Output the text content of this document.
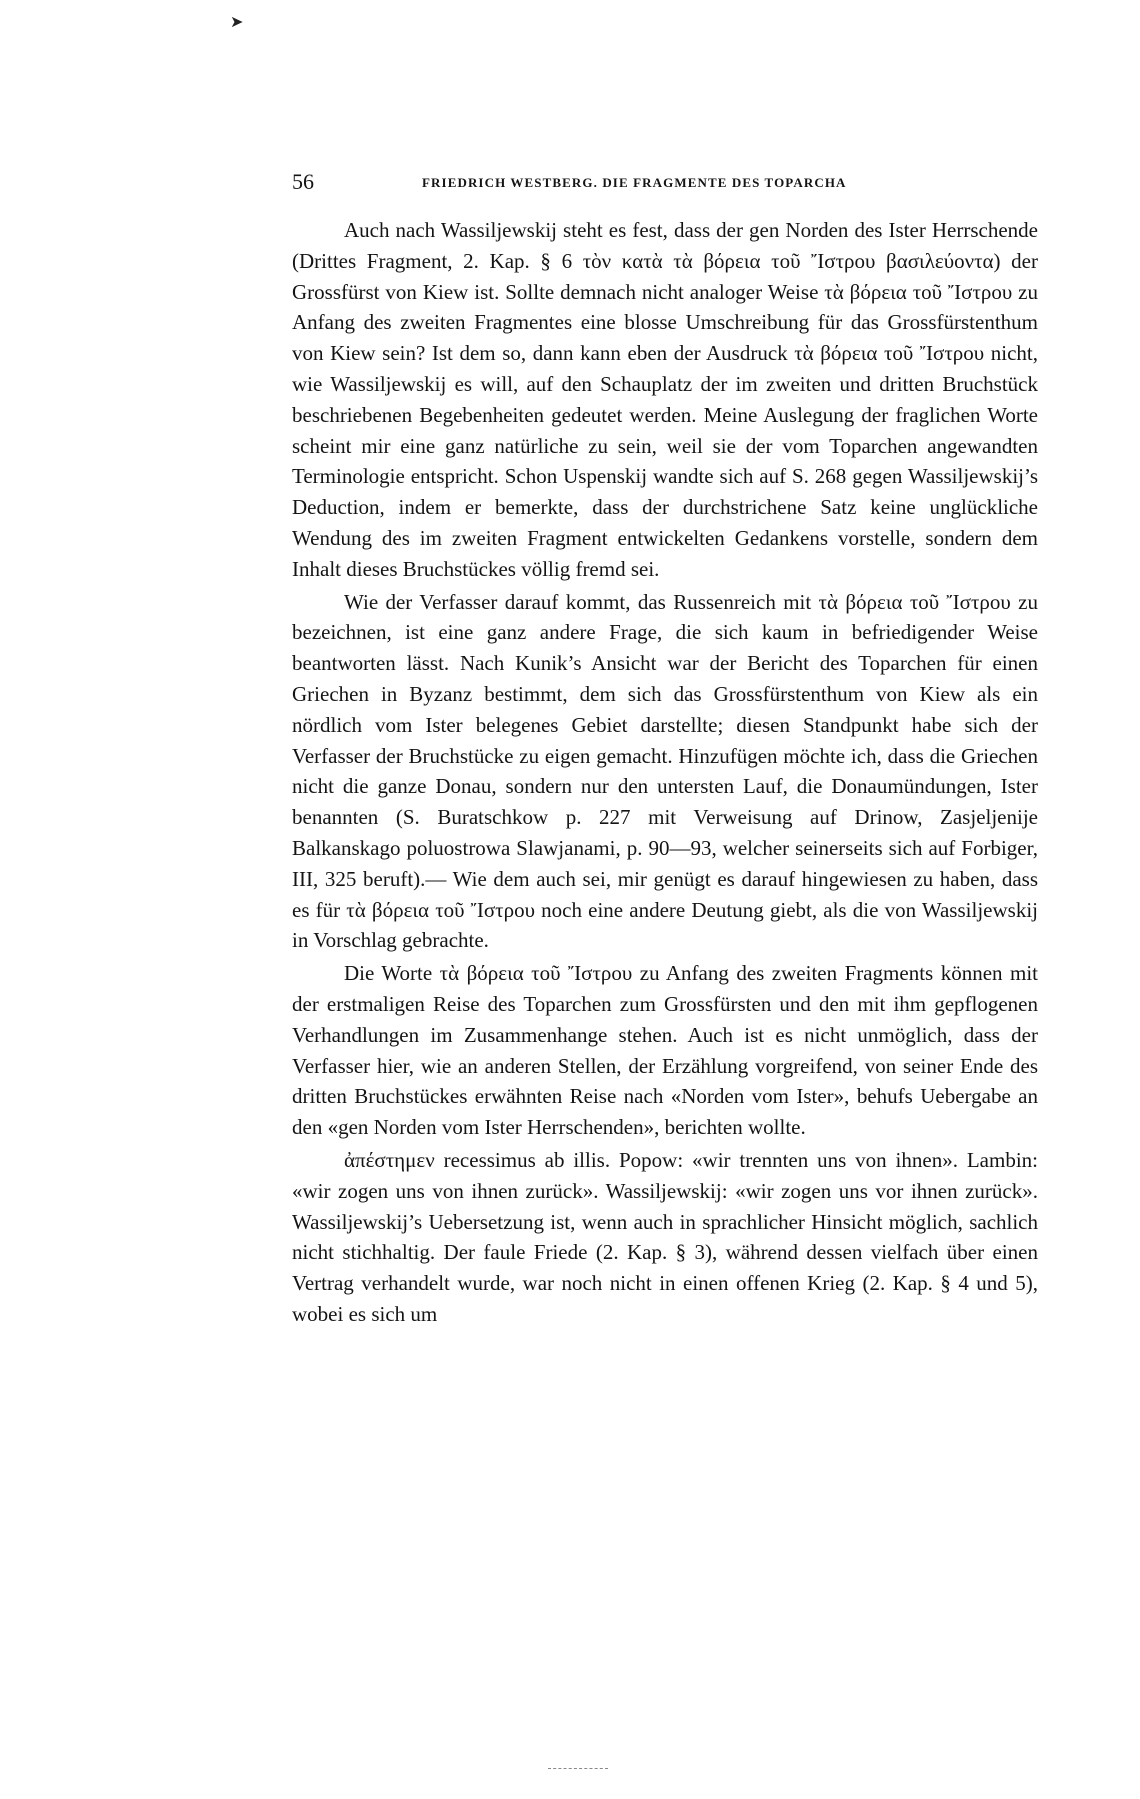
➤
56	FRIEDRICH WESTBERG. DIE FRAGMENTE DES TOPARCHA

Auch nach Wassiljewskij steht es fest, dass der gen Norden des Ister Herrschende (Drittes Fragment, 2. Kap. § 6 τὸν κατὰ τὰ βόρεια τοῦ Ἴστρου βασιλεύοντα) der Grossfürst von Kiew ist. Sollte demnach nicht analoger Weise τὰ βόρεια τοῦ Ἴστρου zu Anfang des zweiten Fragmentes eine blosse Umschreibung für das Grossfürstenthum von Kiew sein? Ist dem so, dann kann eben der Ausdruck τὰ βόρεια τοῦ Ἴστρου nicht, wie Wassiljewskij es will, auf den Schauplatz der im zweiten und dritten Bruchstück beschriebenen Begebenheiten gedeutet werden. Meine Auslegung der fraglichen Worte scheint mir eine ganz natürliche zu sein, weil sie der vom Toparchen angewandten Terminologie entspricht. Schon Uspenskij wandte sich auf S. 268 gegen Wassiljewskij’s Deduction, indem er bemerkte, dass der durchstrichene Satz keine unglückliche Wendung des im zweiten Fragment entwickelten Gedankens vorstelle, sondern dem Inhalt dieses Bruchstückes völlig fremd sei.

Wie der Verfasser darauf kommt, das Russenreich mit τὰ βόρεια τοῦ Ἴστρου zu bezeichnen, ist eine ganz andere Frage, die sich kaum in befriedigender Weise beantworten lässt. Nach Kunik’s Ansicht war der Bericht des Toparchen für einen Griechen in Byzanz bestimmt, dem sich das Grossfürstenthum von Kiew als ein nördlich vom Ister belegenes Gebiet darstellte; diesen Standpunkt habe sich der Verfasser der Bruchstücke zu eigen gemacht. Hinzufügen möchte ich, dass die Griechen nicht die ganze Donau, sondern nur den untersten Lauf, die Donaumündungen, Ister benannten (S. Buratschkow p. 227 mit Verweisung auf Drinow, Zasjeljenije Balkanskago poluostrowa Slawjanami, p. 90—93, welcher seinerseits sich auf Forbiger, III, 325 beruft).— Wie dem auch sei, mir genügt es darauf hingewiesen zu haben, dass es für τὰ βόρεια τοῦ Ἴστρου noch eine andere Deutung giebt, als die von Wassiljewskij in Vorschlag gebrachte.

Die Worte τὰ βόρεια τοῦ Ἴστρου zu Anfang des zweiten Fragments können mit der erstmaligen Reise des Toparchen zum Grossfürsten und den mit ihm gepflogenen Verhandlungen im Zusammenhange stehen. Auch ist es nicht unmöglich, dass der Verfasser hier, wie an anderen Stellen, der Erzählung vorgreifend, von seiner Ende des dritten Bruchstückes erwähnten Reise nach «Norden vom Ister», behufs Uebergabe an den «gen Norden vom Ister Herrschenden», berichten wollte.

ἀπέστημεν recessimus ab illis. Popow: «wir trennten uns von ihnen». Lambin: «wir zogen uns von ihnen zurück». Wassiljewskij: «wir zogen uns vor ihnen zurück». Wassiljewskij’s Uebersetzung ist, wenn auch in sprachlicher Hinsicht möglich, sachlich nicht stichhaltig. Der faule Friede (2. Kap. § 3), während dessen vielfach über einen Vertrag verhandelt wurde, war noch nicht in einen offenen Krieg (2. Kap. § 4 und 5), wobei es sich um
